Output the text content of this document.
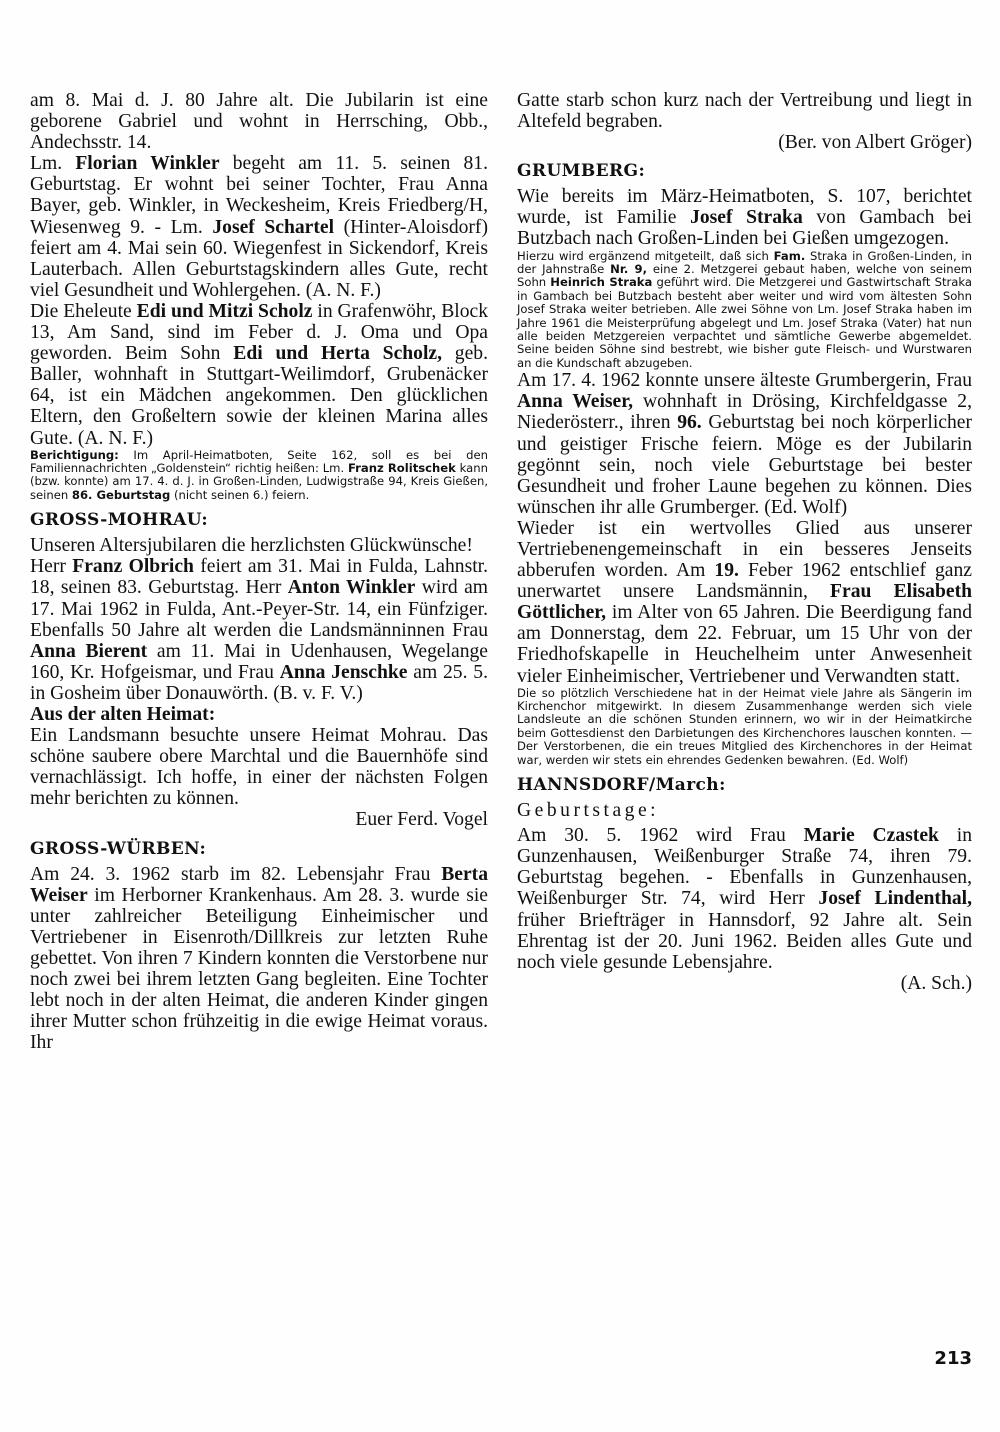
am 8. Mai d. J. 80 Jahre alt. Die Jubilarin ist eine geborene Gabriel und wohnt in Herrsching, Obb., Andechsstr. 14.

Lm. Florian Winkler begeht am 11. 5. seinen 81. Geburtstag. Er wohnt bei seiner Tochter, Frau Anna Bayer, geb. Winkler, in Weckesheim, Kreis Friedberg/H, Wiesenweg 9. - Lm. Josef Schartel (Hinter-Aloisdorf) feiert am 4. Mai sein 60. Wiegenfest in Sickendorf, Kreis Lauterbach. Allen Geburtstagskindern alles Gute, recht viel Gesundheit und Wohlergehen. (A. N. F.)

Die Eheleute Edi und Mitzi Scholz in Grafenwöhr, Block 13, Am Sand, sind im Feber d. J. Oma und Opa geworden. Beim Sohn Edi und Herta Scholz, geb. Baller, wohnhaft in Stuttgart-Weilimdorf, Grubenäcker 64, ist ein Mädchen angekommen. Den glücklichen Eltern, den Großeltern sowie der kleinen Marina alles Gute. (A. N. F.)

Berichtigung: Im April-Heimatboten, Seite 162, soll es bei den Familiennachrichten „Goldenstein“ richtig heißen: Lm. Franz Rolitschek kann (bzw. konnte) am 17. 4. d. J. in Großen-Linden, Ludwigstraße 94, Kreis Gießen, seinen 86. Geburtstag (nicht seinen 6.) feiern.

GROSS-MOHRAU:

Unseren Altersjubilaren die herzlichsten Glückwünsche!

Herr Franz Olbrich feiert am 31. Mai in Fulda, Lahnstr. 18, seinen 83. Geburtstag. Herr Anton Winkler wird am 17. Mai 1962 in Fulda, Ant.-Peyer-Str. 14, ein Fünfziger. Ebenfalls 50 Jahre alt werden die Landsmänninnen Frau Anna Bierent am 11. Mai in Udenhausen, Wegelange 160, Kr. Hofgeismar, und Frau Anna Jenschke am 25. 5. in Gosheim über Donauwörth. (B. v. F. V.)

Aus der alten Heimat:

Ein Landsmann besuchte unsere Heimat Mohrau. Das schöne saubere obere Marchtal und die Bauernhöfe sind vernachlässigt. Ich hoffe, in einer der nächsten Folgen mehr berichten zu können.

Euer Ferd. Vogel

GROSS-WÜRBEN:

Am 24. 3. 1962 starb im 82. Lebensjahr Frau Berta Weiser im Herborner Krankenhaus. Am 28. 3. wurde sie unter zahlreicher Beteiligung Einheimischer und Vertriebener in Eisenroth/Dillkreis zur letzten Ruhe gebettet. Von ihren 7 Kindern konnten die Verstorbene nur noch zwei bei ihrem letzten Gang begleiten. Eine Tochter lebt noch in der alten Heimat, die anderen Kinder gingen ihrer Mutter schon frühzeitig in die ewige Heimat voraus. Ihr

Gatte starb schon kurz nach der Vertreibung und liegt in Altefeld begraben.

(Ber. von Albert Gröger)

GRUMBERG:

Wie bereits im März-Heimatboten, S. 107, berichtet wurde, ist Familie Josef Straka von Gambach bei Butzbach nach Großen-Linden bei Gießen umgezogen.

Hierzu wird ergänzend mitgeteilt, daß sich Fam. Straka in Großen-Linden, in der Jahnstraße Nr. 9, eine 2. Metzgerei gebaut haben, welche von seinem Sohn Heinrich Straka geführt wird. Die Metzgerei und Gastwirtschaft Straka in Gambach bei Butzbach besteht aber weiter und wird vom ältesten Sohn Josef Straka weiter betrieben. Alle zwei Söhne von Lm. Josef Straka haben im Jahre 1961 die Meisterprüfung abgelegt und Lm. Josef Straka (Vater) hat nun alle beiden Metzgereien verpachtet und sämtliche Gewerbe abgemeldet. Seine beiden Söhne sind bestrebt, wie bisher gute Fleisch- und Wurstwaren an die Kundschaft abzugeben.

Am 17. 4. 1962 konnte unsere älteste Grumbergerin, Frau Anna Weiser, wohnhaft in Drösing, Kirchfeldgasse 2, Niederösterr., ihren 96. Geburtstag bei noch körperlicher und geistiger Frische feiern. Möge es der Jubilarin gegönnt sein, noch viele Geburtstage bei bester Gesundheit und froher Laune begehen zu können. Dies wünschen ihr alle Grumberger. (Ed. Wolf)

Wieder ist ein wertvolles Glied aus unserer Vertriebenengemeinschaft in ein besseres Jenseits abberufen worden. Am 19. Feber 1962 entschlief ganz unerwartet unsere Landsmännin, Frau Elisabeth Göttlicher, im Alter von 65 Jahren. Die Beerdigung fand am Donnerstag, dem 22. Februar, um 15 Uhr von der Friedhofskapelle in Heuchelheim unter Anwesenheit vieler Einheimischer, Vertriebener und Verwandten statt.

Die so plötzlich Verschiedene hat in der Heimat viele Jahre als Sängerin im Kirchenchor mitgewirkt. In diesem Zusammenhange werden sich viele Landsleute an die schönen Stunden erinnern, wo wir in der Heimatkirche beim Gottesdienst den Darbietungen des Kirchenchores lauschen konnten. — Der Verstorbenen, die ein treues Mitglied des Kirchenchores in der Heimat war, werden wir stets ein ehrendes Gedenken bewahren. (Ed. Wolf)

HANNSDORF/March:

Geburtstage:

Am 30. 5. 1962 wird Frau Marie Czastek in Gunzenhausen, Weißenburger Straße 74, ihren 79. Geburtstag begehen. - Ebenfalls in Gunzenhausen, Weißenburger Str. 74, wird Herr Josef Lindenthal, früher Briefträger in Hannsdorf, 92 Jahre alt. Sein Ehrentag ist der 20. Juni 1962. Beiden alles Gute und noch viele gesunde Lebensjahre.

(A. Sch.)

213
